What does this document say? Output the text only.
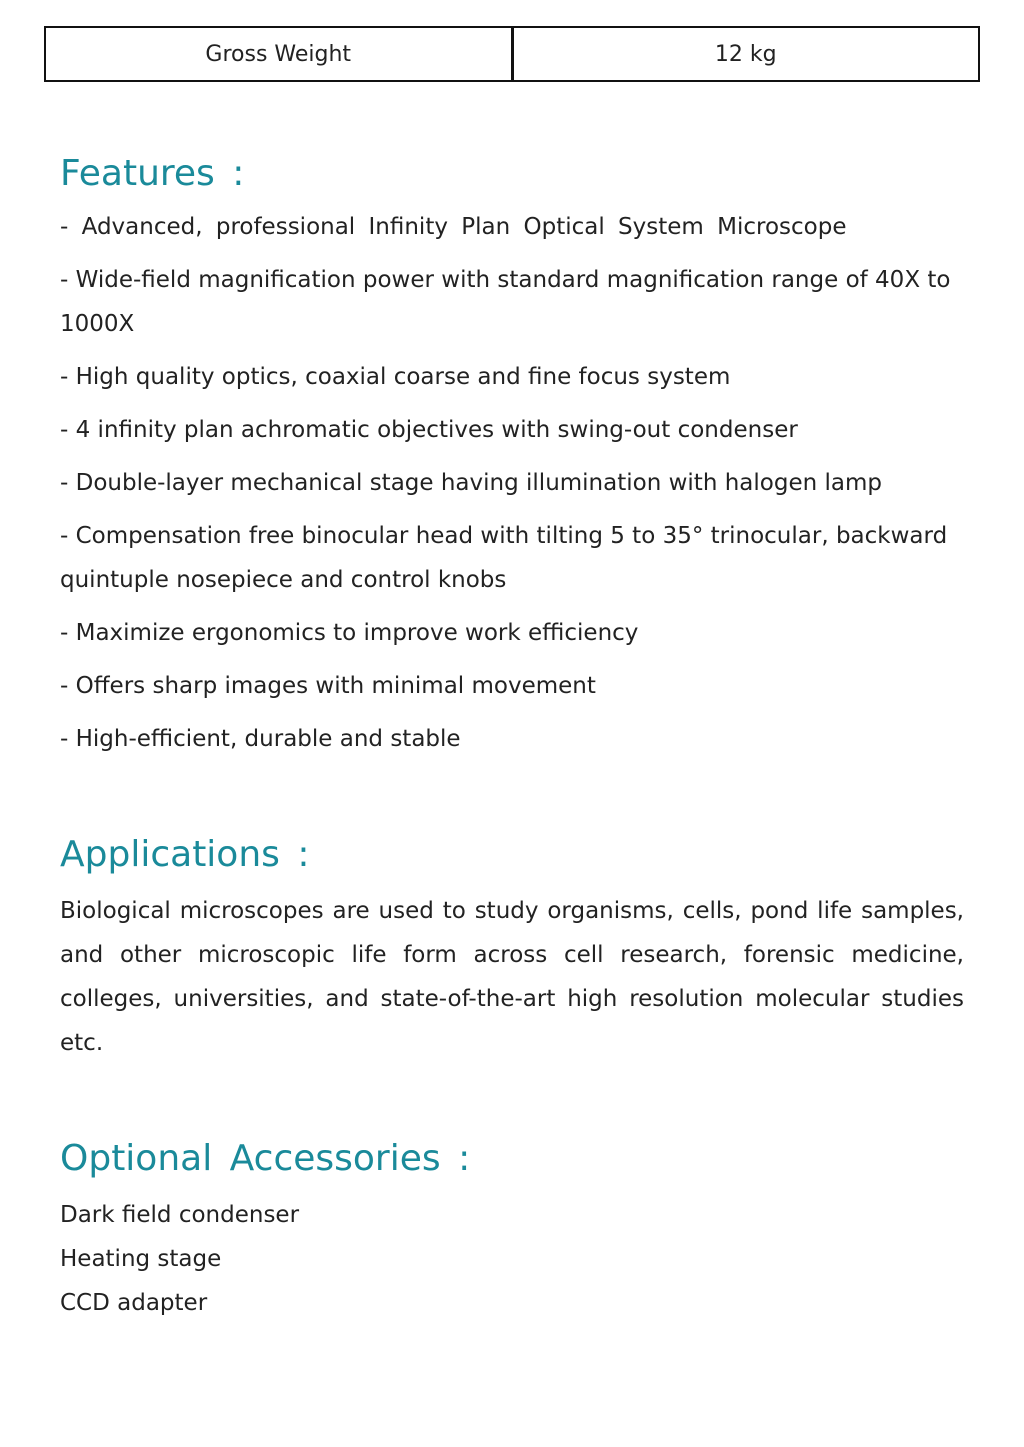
Gross Weight	12 kg
Features :
- Advanced, professional Infinity Plan Optical System Microscope
- Wide-field magnification power with standard magnification range of 40X to 1000X
- High quality optics, coaxial coarse and fine focus system
- 4 infinity plan achromatic objectives with swing-out condenser
- Double-layer mechanical stage having illumination with halogen lamp
- Compensation free binocular head with tilting 5 to 35° trinocular, backward quintuple nosepiece and control knobs
- Maximize ergonomics to improve work efficiency
- Offers sharp images with minimal movement
- High-efficient, durable and stable
Applications :

Biological microscopes are used to study organisms, cells, pond life samples, and other microscopic life form across cell research, forensic medicine, colleges, universities, and state-of-the-art high resolution molecular studies etc.

Optional Accessories :
Dark field condenser
Heating stage
CCD adapter
